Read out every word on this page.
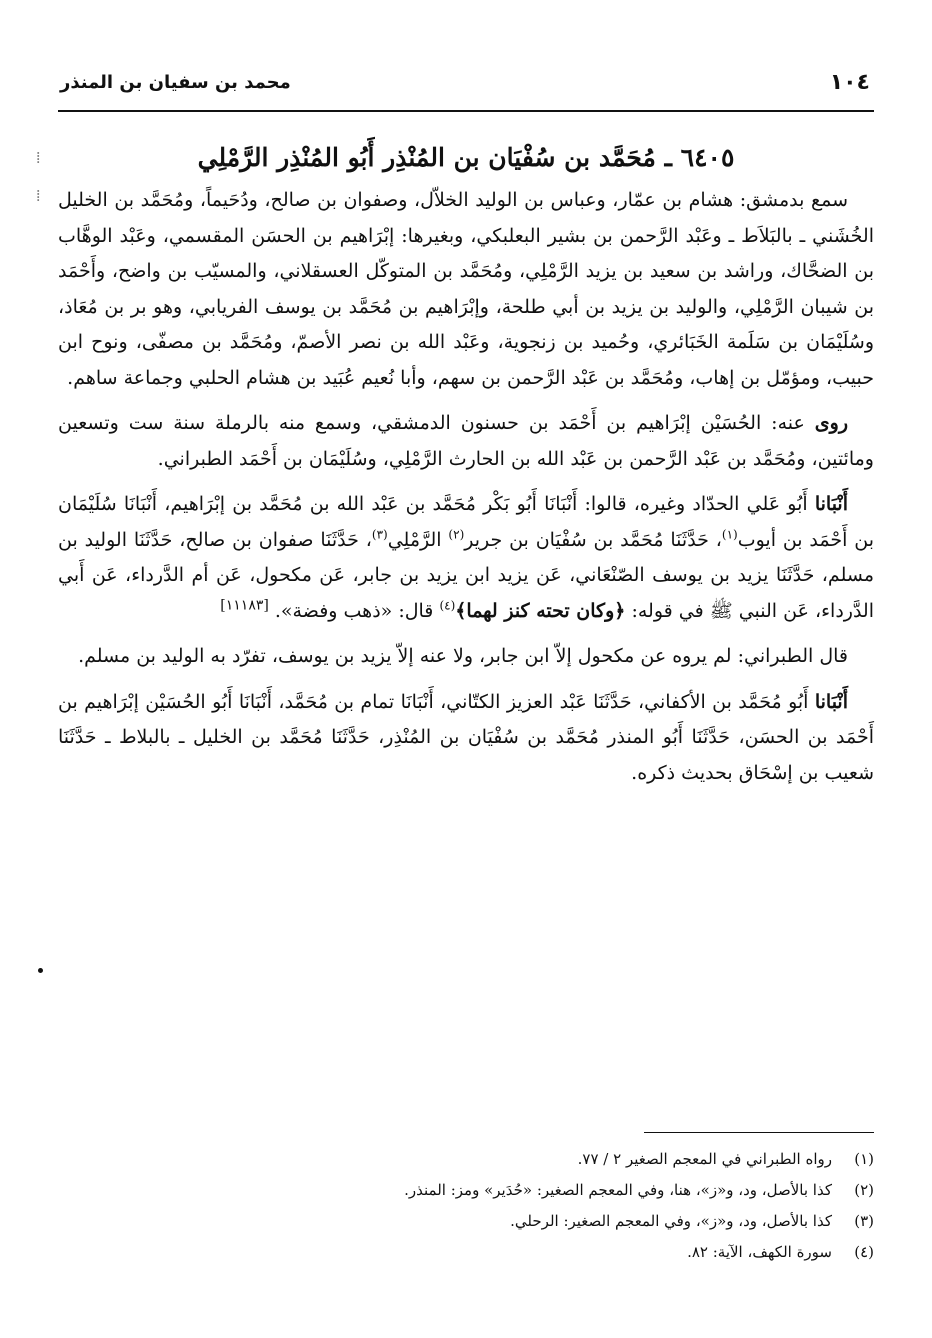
١٠٤
محمد بن سفيان بن المنذر
⁞
⁞
٦٤٠٥ ـ مُحَمَّد بن سُفْيَان بن المُنْذِر أَبُو المُنْذِر الرَّمْلِي

سمع بدمشق: هشام بن عمّار، وعباس بن الوليد الخلاّل، وصفوان بن صالح، ودُحَيماً، ومُحَمَّد بن الخليل الخُشَني ـ بالبَلاَط ـ وعَبْد الرَّحمن بن بشير البعلبكي، وبغيرها: إبْرَاهيم بن الحسَن المقسمي، وعَبْد الوهَّاب بن الضحَّاك، وراشد بن سعيد بن يزيد الرَّمْلِي، ومُحَمَّد بن المتوكّل العسقلاني، والمسيّب بن واضح، وأَحْمَد بن شيبان الرَّمْلِي، والوليد بن يزيد بن أبي طلحة، وإبْرَاهيم بن مُحَمَّد بن يوسف الفريابي، وهو بر بن مُعَاذ، وسُلَيْمَان بن سَلَمة الخَبَائري، وحُميد بن زنجوية، وعَبْد الله بن نصر الأصمّ، ومُحَمَّد بن مصفّى، ونوح ابن حبيب، ومؤمّل بن إهاب، ومُحَمَّد بن عَبْد الرَّحمن بن سهم، وأبا نُعيم عُبَيد بن هشام الحلبي وجماعة ساهم.

روى عنه: الحُسَيْن إبْرَاهيم بن أَحْمَد بن حسنون الدمشقي، وسمع منه بالرملة سنة ست وتسعين ومائتين، ومُحَمَّد بن عَبْد الرَّحمن بن عَبْد الله بن الحارث الرَّمْلِي، وسُلَيْمَان بن أَحْمَد الطبراني.

أَنْبَانا أَبُو عَلي الحدّاد وغيره، قالوا: أَنْبَانَا أَبُو بَكْر مُحَمَّد بن عَبْد الله بن مُحَمَّد بن إبْرَاهيم، أَنْبَانَا سُلَيْمَان بن أَحْمَد بن أيوب$^{(١)}$، حَدَّثَنَا مُحَمَّد بن سُفْيَان بن جرير$^{(٢)}$ الرَّمْلِي$^{(٣)}$، حَدَّثَنَا صفوان بن صالح، حَدَّثَنَا الوليد بن مسلم، حَدَّثَنَا يزيد بن يوسف الصّنْعَاني، عَن يزيد ابن يزيد بن جابر، عَن مكحول، عَن أم الدَّرداء، عَن أَبي الدَّرداء، عَن النبي ﷺ في قوله: ﴿وكان تحته كنز لهما﴾$^{(٤)}$ قال: «ذهب وفضة». [١١١٨٣]

قال الطبراني: لم يروه عن مكحول إلاّ ابن جابر، ولا عنه إلاّ يزيد بن يوسف، تفرّد به الوليد بن مسلم.

أَنْبَانا أَبُو مُحَمَّد بن الأكفاني، حَدَّثَنَا عَبْد العزيز الكتّاني، أَنْبَانَا تمام بن مُحَمَّد، أَنْبَانَا أَبُو الحُسَيْن إبْرَاهيم بن أَحْمَد بن الحسَن، حَدَّثَنَا أَبُو المنذر مُحَمَّد بن سُفْيَان بن المُنْذِر، حَدَّثَنَا مُحَمَّد بن الخليل ـ بالبلاط ـ حَدَّثَنَا شعيب بن إسْحَاق بحديث ذكره.

(١)
رواه الطبراني في المعجم الصغير ٢ / ٧٧.
(٢)
كذا بالأصل، ود، و«ز»، هنا، وفي المعجم الصغير: «حُدَير» ومز: المنذر.
(٣)
كذا بالأصل، ود، و«ز»، وفي المعجم الصغير: الرحلي.
(٤)
سورة الكهف، الآية: ٨٢.
